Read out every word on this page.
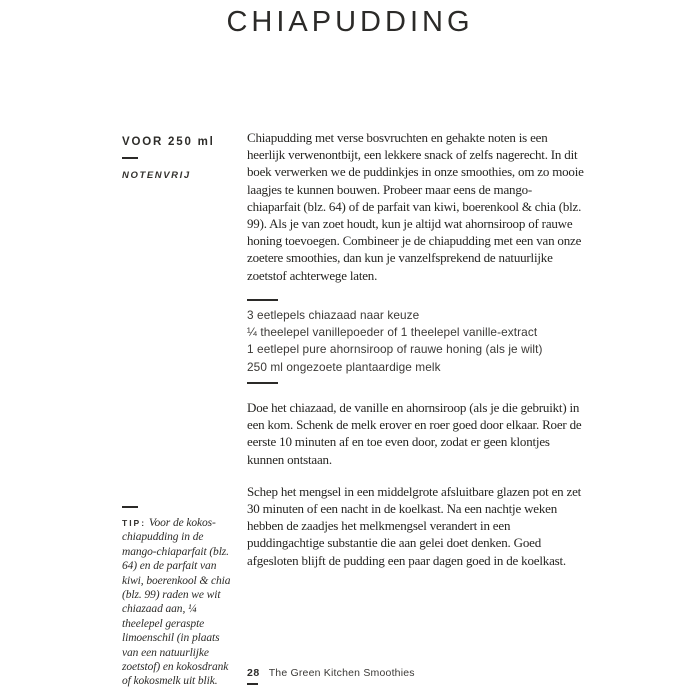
CHIAPUDDING
VOOR 250 ml
NOTENVRIJ

TIP: Voor de kokos-chiapudding in de mango-chiaparfait (blz. 64) en de parfait van kiwi, boerenkool & chia (blz. 99) raden we wit chiazaad aan, ¼ theelepel geraspte limoenschil (in plaats van een natuurlijke zoetstof) en kokosdrank of kokosmelk uit blik.

Chiapudding met verse bosvruchten en gehakte noten is een heerlijk verwenontbijt, een lekkere snack of zelfs nagerecht. In dit boek verwerken we de puddinkjes in onze smoothies, om zo mooie laagjes te kunnen bouwen. Probeer maar eens de mango-chiaparfait (blz. 64) of de parfait van kiwi, boerenkool & chia (blz. 99). Als je van zoet houdt, kun je altijd wat ahornsiroop of rauwe honing toevoegen. Combineer je de chiapudding met een van onze zoetere smoothies, dan kun je vanzelfsprekend de natuurlijke zoetstof achterwege laten.

3 eetlepels chiazaad naar keuze
¼ theelepel vanillepoeder of 1 theelepel vanille-extract
1 eetlepel pure ahornsiroop of rauwe honing (als je wilt)
250 ml ongezoete plantaardige melk

Doe het chiazaad, de vanille en ahornsiroop (als je die gebruikt) in een kom. Schenk de melk erover en roer goed door elkaar. Roer de eerste 10 minuten af en toe even door, zodat er geen klontjes kunnen ontstaan.

Schep het mengsel in een middelgrote afsluitbare glazen pot en zet 30 minuten of een nacht in de koelkast. Na een nachtje weken hebben de zaadjes het melkmengsel verandert in een puddingachtige substantie die aan gelei doet denken. Goed afgesloten blijft de pudding een paar dagen goed in de koelkast.

28 The Green Kitchen Smoothies
